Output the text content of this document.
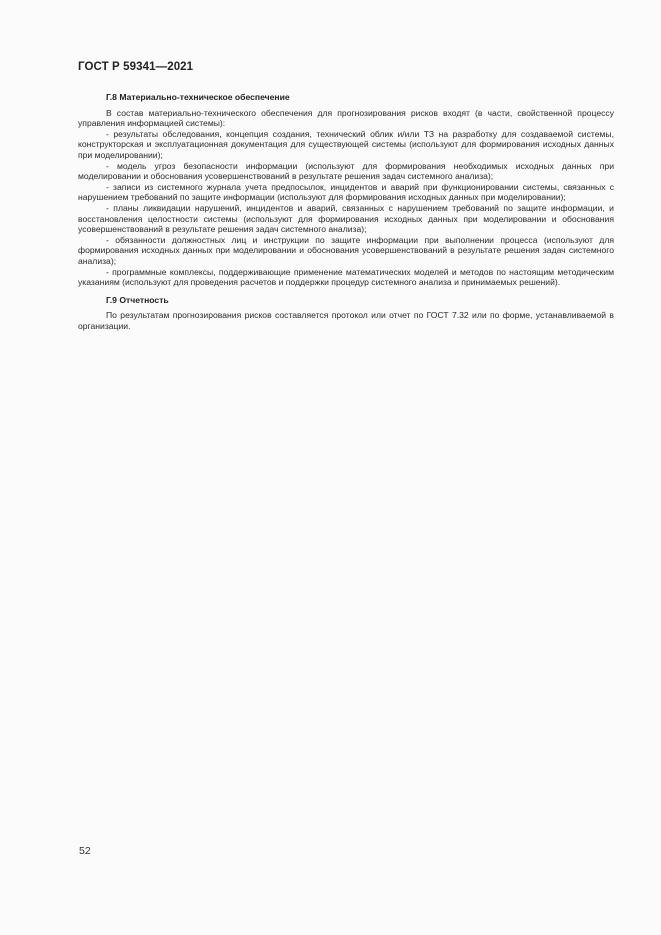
ГОСТ Р 59341—2021

Г.8 Материально-техническое обеспечение

В состав материально-технического обеспечения для прогнозирования рисков входят (в части, свойственной процессу управления информацией системы):

- результаты обследования, концепция создания, технический облик и/или ТЗ на разработку для создаваемой системы, конструкторская и эксплуатационная документация для существующей системы (используют для формирования исходных данных при моделировании);

- модель угроз безопасности информации (используют для формирования необходимых исходных данных при моделировании и обоснования усовершенствований в результате решения задач системного анализа);

- записи из системного журнала учета предпосылок, инцидентов и аварий при функционировании системы, связанных с нарушением требований по защите информации (используют для формирования исходных данных при моделировании);

- планы ликвидации нарушений, инцидентов и аварий, связанных с нарушением требований по защите информации, и восстановления целостности системы (используют для формирования исходных данных при моделировании и обоснования усовершенствований в результате решения задач системного анализа);

- обязанности должностных лиц и инструкции по защите информации при выполнении процесса (используют для формирования исходных данных при моделировании и обоснования усовершенствований в результате решения задач системного анализа);

- программные комплексы, поддерживающие применение математических моделей и методов по настоящим методическим указаниям (используют для проведения расчетов и поддержки процедур системного анализа и принимаемых решений).

Г.9 Отчетность

По результатам прогнозирования рисков составляется протокол или отчет по ГОСТ 7.32 или по форме, устанавливаемой в организации.

52
